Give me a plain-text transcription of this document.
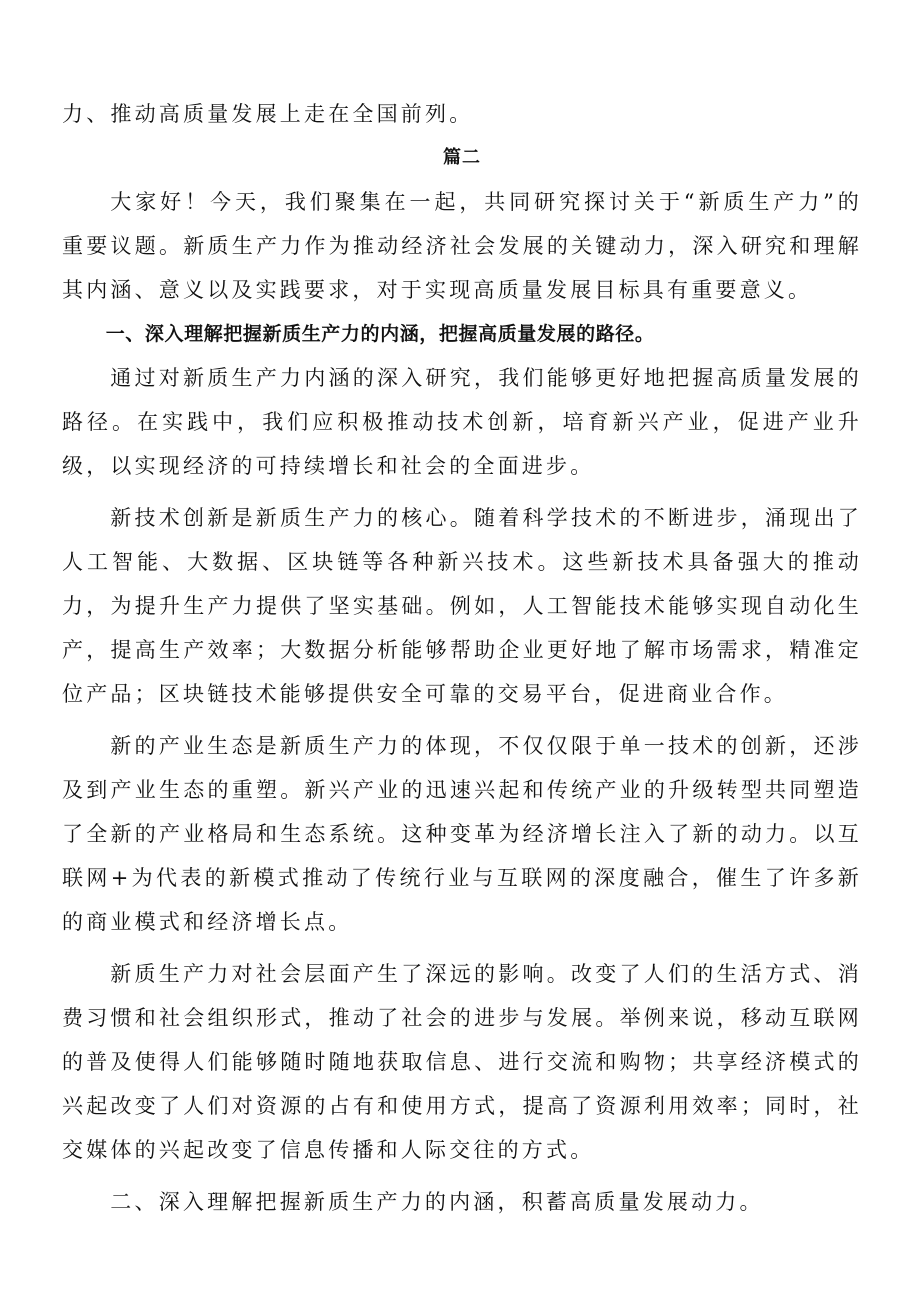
力、推动高质量发展上走在全国前列。

篇二

大家好！今天，我们聚集在一起，共同研究探讨关于“新质生产力”的重要议题。新质生产力作为推动经济社会发展的关键动力，深入研究和理解其内涵、意义以及实践要求，对于实现高质量发展目标具有重要意义。

一、深入理解把握新质生产力的内涵，把握高质量发展的路径。

通过对新质生产力内涵的深入研究，我们能够更好地把握高质量发展的路径。在实践中，我们应积极推动技术创新，培育新兴产业，促进产业升级，以实现经济的可持续增长和社会的全面进步。

新技术创新是新质生产力的核心。随着科学技术的不断进步，涌现出了人工智能、大数据、区块链等各种新兴技术。这些新技术具备强大的推动力，为提升生产力提供了坚实基础。例如，人工智能技术能够实现自动化生产，提高生产效率；大数据分析能够帮助企业更好地了解市场需求，精准定位产品；区块链技术能够提供安全可靠的交易平台，促进商业合作。

新的产业生态是新质生产力的体现，不仅仅限于单一技术的创新，还涉及到产业生态的重塑。新兴产业的迅速兴起和传统产业的升级转型共同塑造了全新的产业格局和生态系统。这种变革为经济增长注入了新的动力。以互联网+为代表的新模式推动了传统行业与互联网的深度融合，催生了许多新的商业模式和经济增长点。

新质生产力对社会层面产生了深远的影响。改变了人们的生活方式、消费习惯和社会组织形式，推动了社会的进步与发展。举例来说，移动互联网的普及使得人们能够随时随地获取信息、进行交流和购物；共享经济模式的兴起改变了人们对资源的占有和使用方式，提高了资源利用效率；同时，社交媒体的兴起改变了信息传播和人际交往的方式。

二、深入理解把握新质生产力的内涵，积蓄高质量发展动力。
